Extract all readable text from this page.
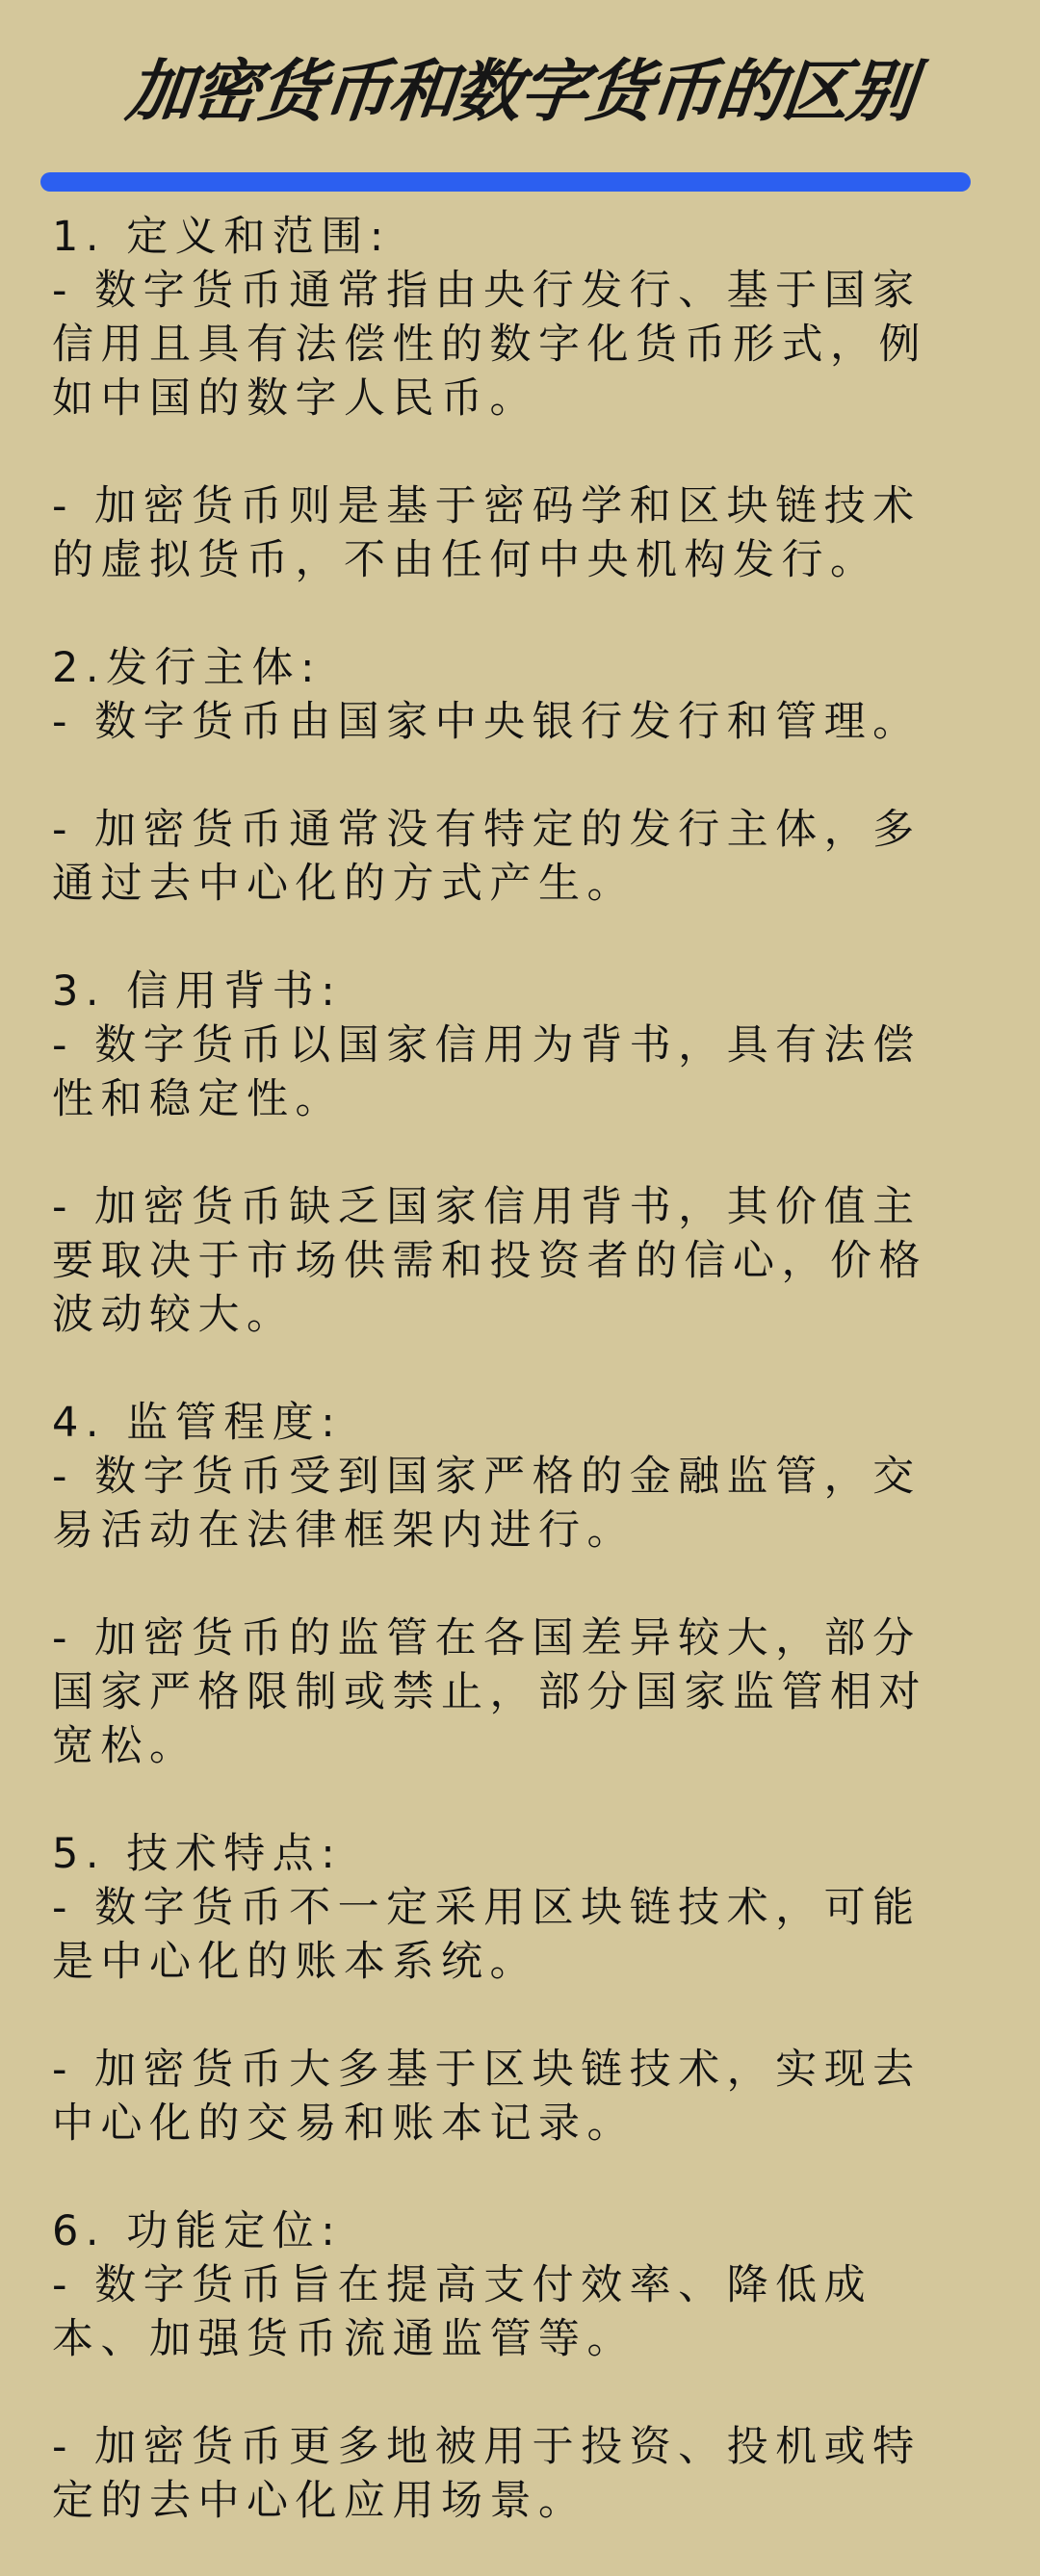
加密货币和数字货币的区别

1. 定义和范围:

- 数字货币通常指由央行发行、基于国家
信用且具有法偿性的数字化货币形式，例
如中国的数字人民币。

- 加密货币则是基于密码学和区块链技术
的虚拟货币，不由任何中央机构发行。

2.发行主体:

- 数字货币由国家中央银行发行和管理。

- 加密货币通常没有特定的发行主体，多
通过去中心化的方式产生。

3. 信用背书:

- 数字货币以国家信用为背书，具有法偿
性和稳定性。

- 加密货币缺乏国家信用背书，其价值主
要取决于市场供需和投资者的信心，价格
波动较大。

4. 监管程度:

- 数字货币受到国家严格的金融监管，交
易活动在法律框架内进行。

- 加密货币的监管在各国差异较大，部分
国家严格限制或禁止，部分国家监管相对
宽松。

5. 技术特点:

- 数字货币不一定采用区块链技术，可能
是中心化的账本系统。

- 加密货币大多基于区块链技术，实现去
中心化的交易和账本记录。

6. 功能定位:

- 数字货币旨在提高支付效率、降低成
本、加强货币流通监管等。

- 加密货币更多地被用于投资、投机或特
定的去中心化应用场景。
